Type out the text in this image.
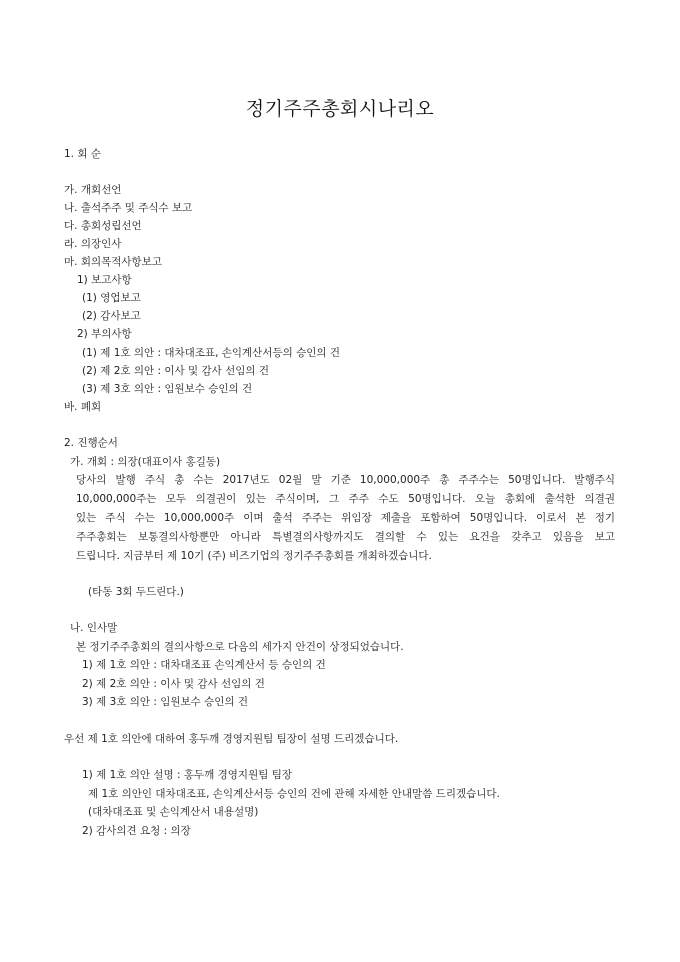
정기주주총회시나리오
1. 회 순
가. 개회선언
나. 출석주주 및 주식수 보고
다. 총회성립선언
라. 의장인사
마. 회의목적사항보고
1) 보고사항
(1) 영업보고
(2) 감사보고
2) 부의사항
(1) 제 1호 의안 : 대차대조표, 손익계산서등의 승인의 건
(2) 제 2호 의안 : 이사 및 감사 선임의 건
(3) 제 3호 의안 : 임원보수 승인의 건
바. 폐회
2. 진행순서
가. 개회 : 의장(대표이사 홍길동)
당사의 발행 주식 총 수는 2017년도 02월 말 기준 10,000,000주 총 주주수는 50명입니다. 발행주식
10,000,000주는 모두 의결권이 있는 주식이며, 그 주주 수도 50명입니다. 오늘 총회에 출석한 의결권
있는 주식 수는 10,000,000주 이며 출석 주주는 위임장 제출을 포함하여 50명입니다. 이로서 본 정기
주주총회는 보통결의사항뿐만 아니라 특별결의사항까지도 결의할 수 있는 요건을 갖추고 있음을 보고
드립니다. 지금부터 제 10기 (주) 비즈기업의 정기주주총회를 개최하겠습니다.
(타동 3회 두드린다.)
나. 인사말
본 정기주주총회의 결의사항으로 다음의 세가지 안건이 상정되었습니다.
1) 제 1호 의안 : 대차대조표 손익계산서 등 승인의 건
2) 제 2호 의안 : 이사 및 감사 선임의 건
3) 제 3호 의안 : 임원보수 승인의 건
우선 제 1호 의안에 대하여 홍두깨 경영지원팀 팀장이 설명 드리겠습니다.
1) 제 1호 의안 설명 : 홍두깨 경영지원팀 팀장
제 1호 의안인 대차대조표, 손익계산서등 승인의 건에 관해 자세한 안내말씀 드리겠습니다.
(대차대조표 및 손익계산서 내용설명)
2) 감사의견 요청 : 의장
